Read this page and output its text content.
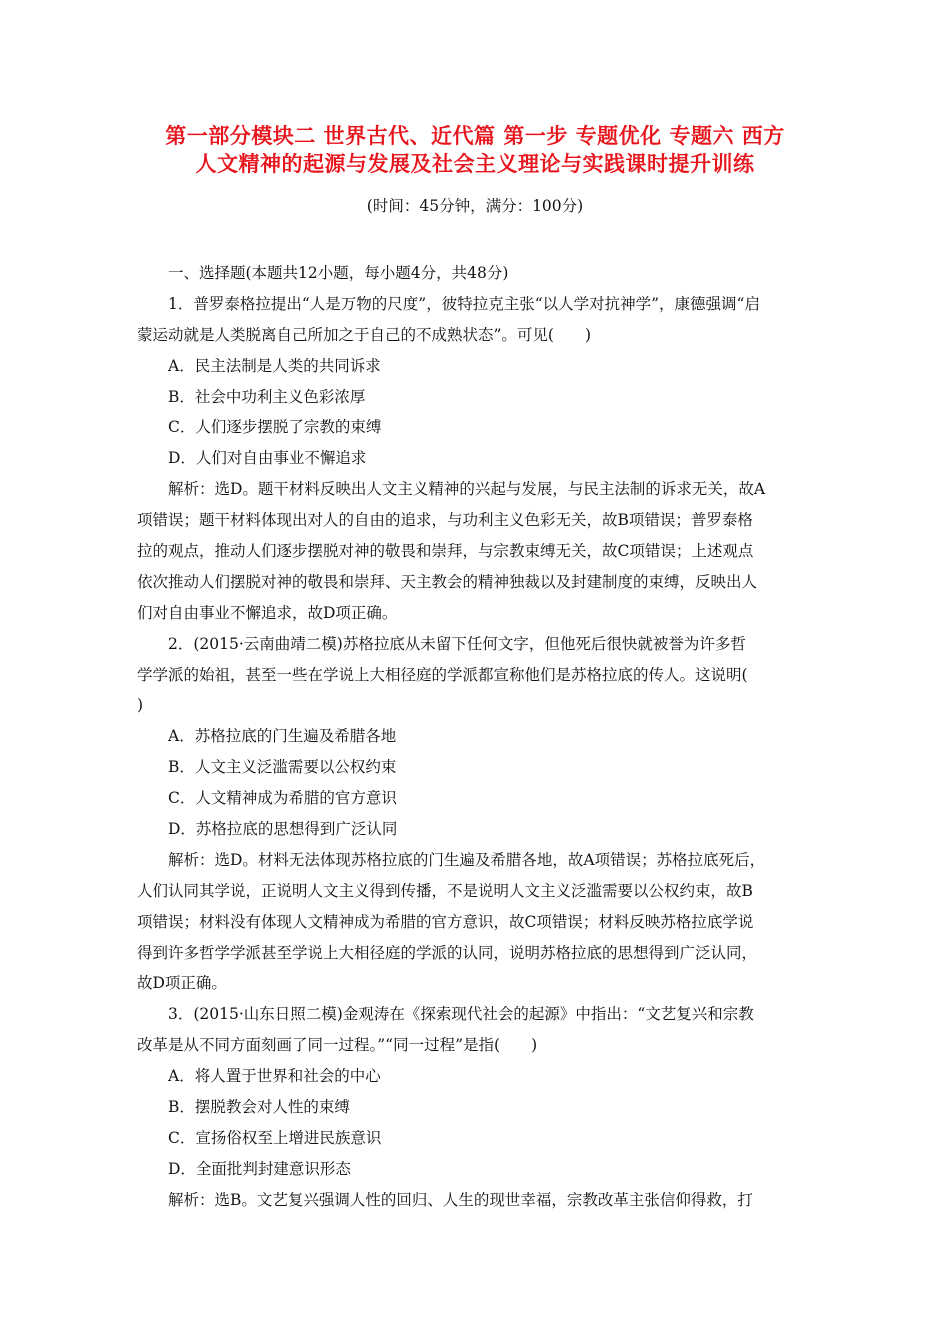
第一部分模块二 世界古代、近代篇 第一步 专题优化 专题六 西方
人文精神的起源与发展及社会主义理论与实践课时提升训练
(时间：45分钟，满分：100分)
一、选择题(本题共12小题，每小题4分，共48分)
1．普罗泰格拉提出“人是万物的尺度”，彼特拉克主张“以人学对抗神学”，康德强调“启
蒙运动就是人类脱离自己所加之于自己的不成熟状态”。可见(　　)
A．民主法制是人类的共同诉求
B．社会中功利主义色彩浓厚
C．人们逐步摆脱了宗教的束缚
D．人们对自由事业不懈追求
解析：选D。题干材料反映出人文主义精神的兴起与发展，与民主法制的诉求无关，故A
项错误；题干材料体现出对人的自由的追求，与功利主义色彩无关，故B项错误；普罗泰格
拉的观点，推动人们逐步摆脱对神的敬畏和崇拜，与宗教束缚无关，故C项错误；上述观点
依次推动人们摆脱对神的敬畏和崇拜、天主教会的精神独裁以及封建制度的束缚，反映出人
们对自由事业不懈追求，故D项正确。
2．(2015·云南曲靖二模)苏格拉底从未留下任何文字，但他死后很快就被誉为许多哲
学学派的始祖，甚至一些在学说上大相径庭的学派都宣称他们是苏格拉底的传人。这说明(
)
A．苏格拉底的门生遍及希腊各地
B．人文主义泛滥需要以公权约束
C．人文精神成为希腊的官方意识
D．苏格拉底的思想得到广泛认同
解析：选D。材料无法体现苏格拉底的门生遍及希腊各地，故A项错误；苏格拉底死后，
人们认同其学说，正说明人文主义得到传播，不是说明人文主义泛滥需要以公权约束，故B
项错误；材料没有体现人文精神成为希腊的官方意识，故C项错误；材料反映苏格拉底学说
得到许多哲学学派甚至学说上大相径庭的学派的认同，说明苏格拉底的思想得到广泛认同，
故D项正确。
3．(2015·山东日照二模)金观涛在《探索现代社会的起源》中指出：“文艺复兴和宗教
改革是从不同方面刻画了同一过程。”“同一过程”是指(　　)
A．将人置于世界和社会的中心
B．摆脱教会对人性的束缚
C．宣扬俗权至上增进民族意识
D．全面批判封建意识形态
解析：选B。文艺复兴强调人性的回归、人生的现世幸福，宗教改革主张信仰得救，打
